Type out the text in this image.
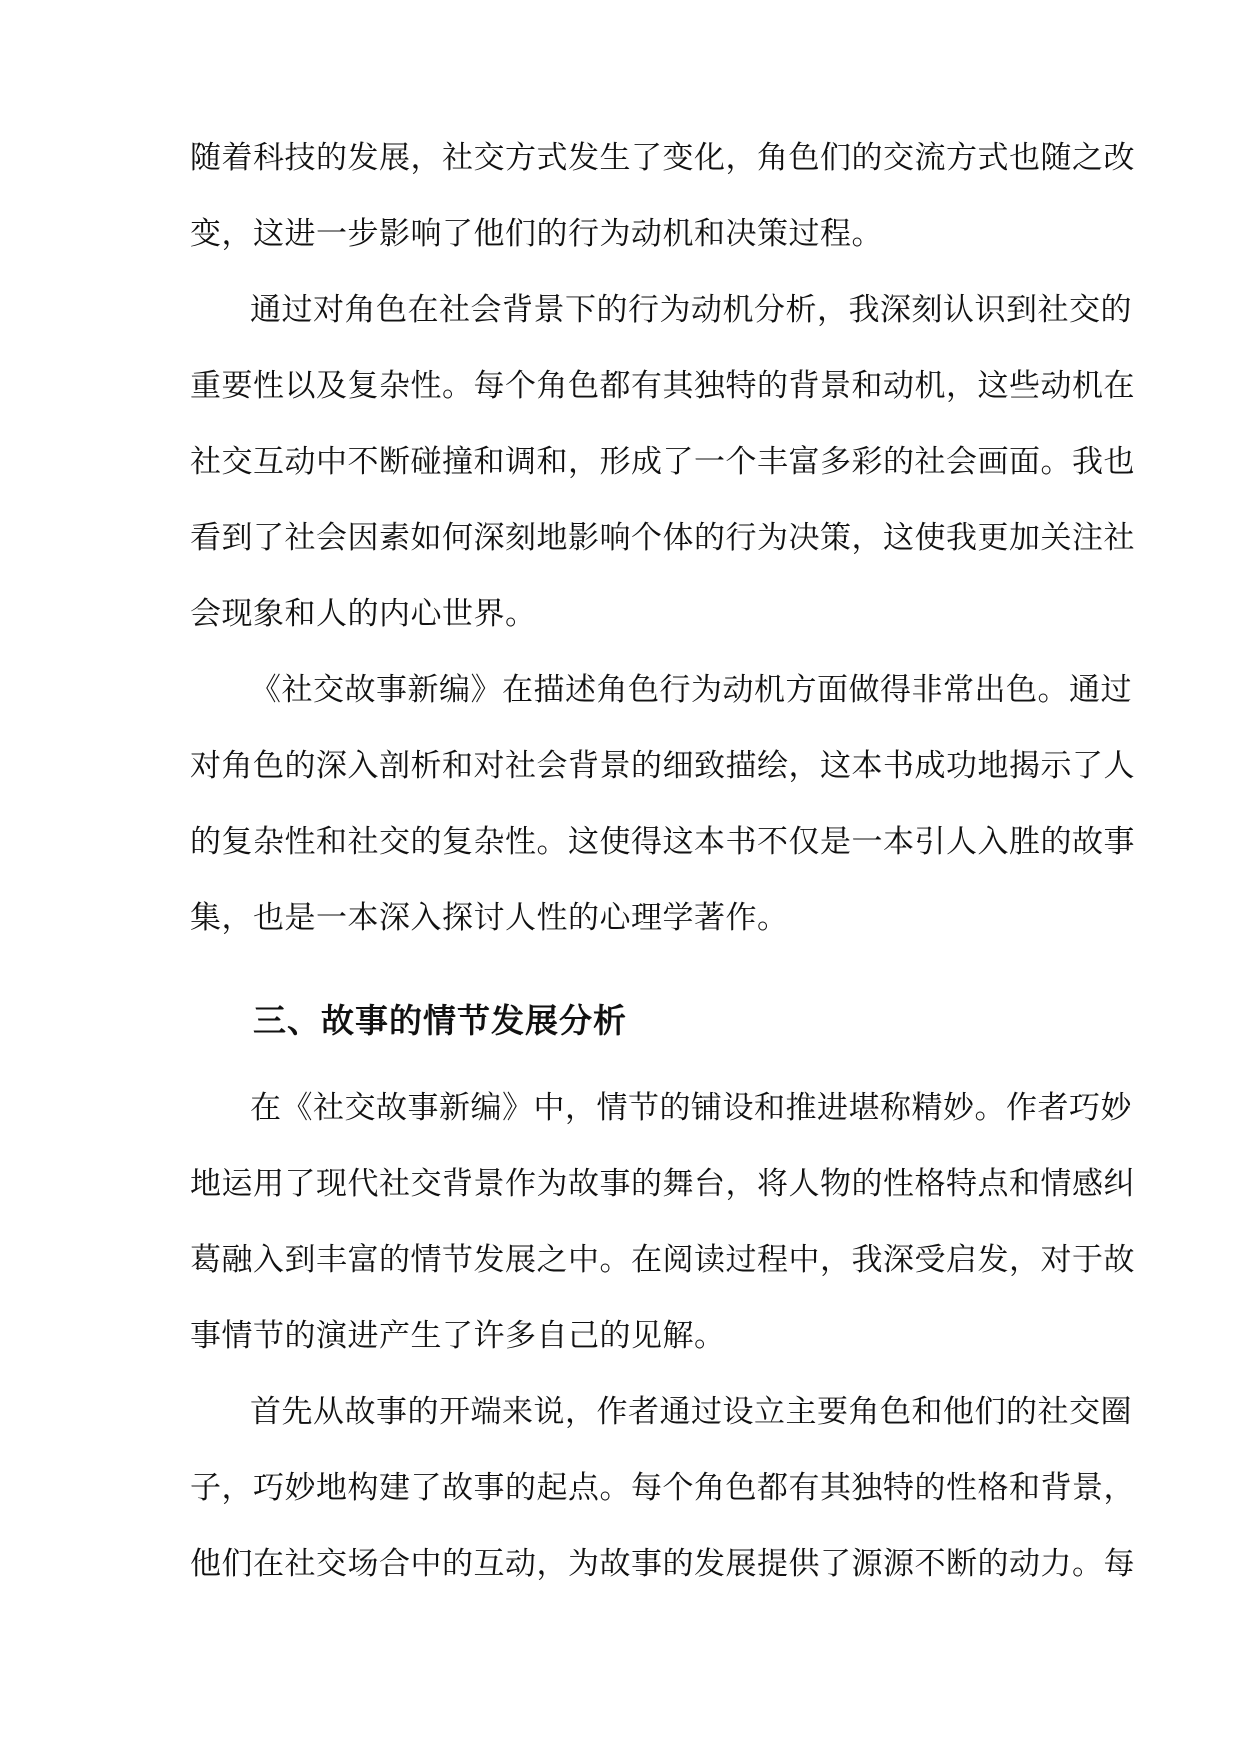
随着科技的发展，社交方式发生了变化，角色们的交流方式也随之改
变，这进一步影响了他们的行为动机和决策过程。
通过对角色在社会背景下的行为动机分析，我深刻认识到社交的
重要性以及复杂性。每个角色都有其独特的背景和动机，这些动机在
社交互动中不断碰撞和调和，形成了一个丰富多彩的社会画面。我也
看到了社会因素如何深刻地影响个体的行为决策，这使我更加关注社
会现象和人的内心世界。
《社交故事新编》在描述角色行为动机方面做得非常出色。通过
对角色的深入剖析和对社会背景的细致描绘，这本书成功地揭示了人
的复杂性和社交的复杂性。这使得这本书不仅是一本引人入胜的故事
集，也是一本深入探讨人性的心理学著作。
三、故事的情节发展分析
在《社交故事新编》中，情节的铺设和推进堪称精妙。作者巧妙
地运用了现代社交背景作为故事的舞台，将人物的性格特点和情感纠
葛融入到丰富的情节发展之中。在阅读过程中，我深受启发，对于故
事情节的演进产生了许多自己的见解。
首先从故事的开端来说，作者通过设立主要角色和他们的社交圈
子，巧妙地构建了故事的起点。每个角色都有其独特的性格和背景，
他们在社交场合中的互动，为故事的发展提供了源源不断的动力。每
